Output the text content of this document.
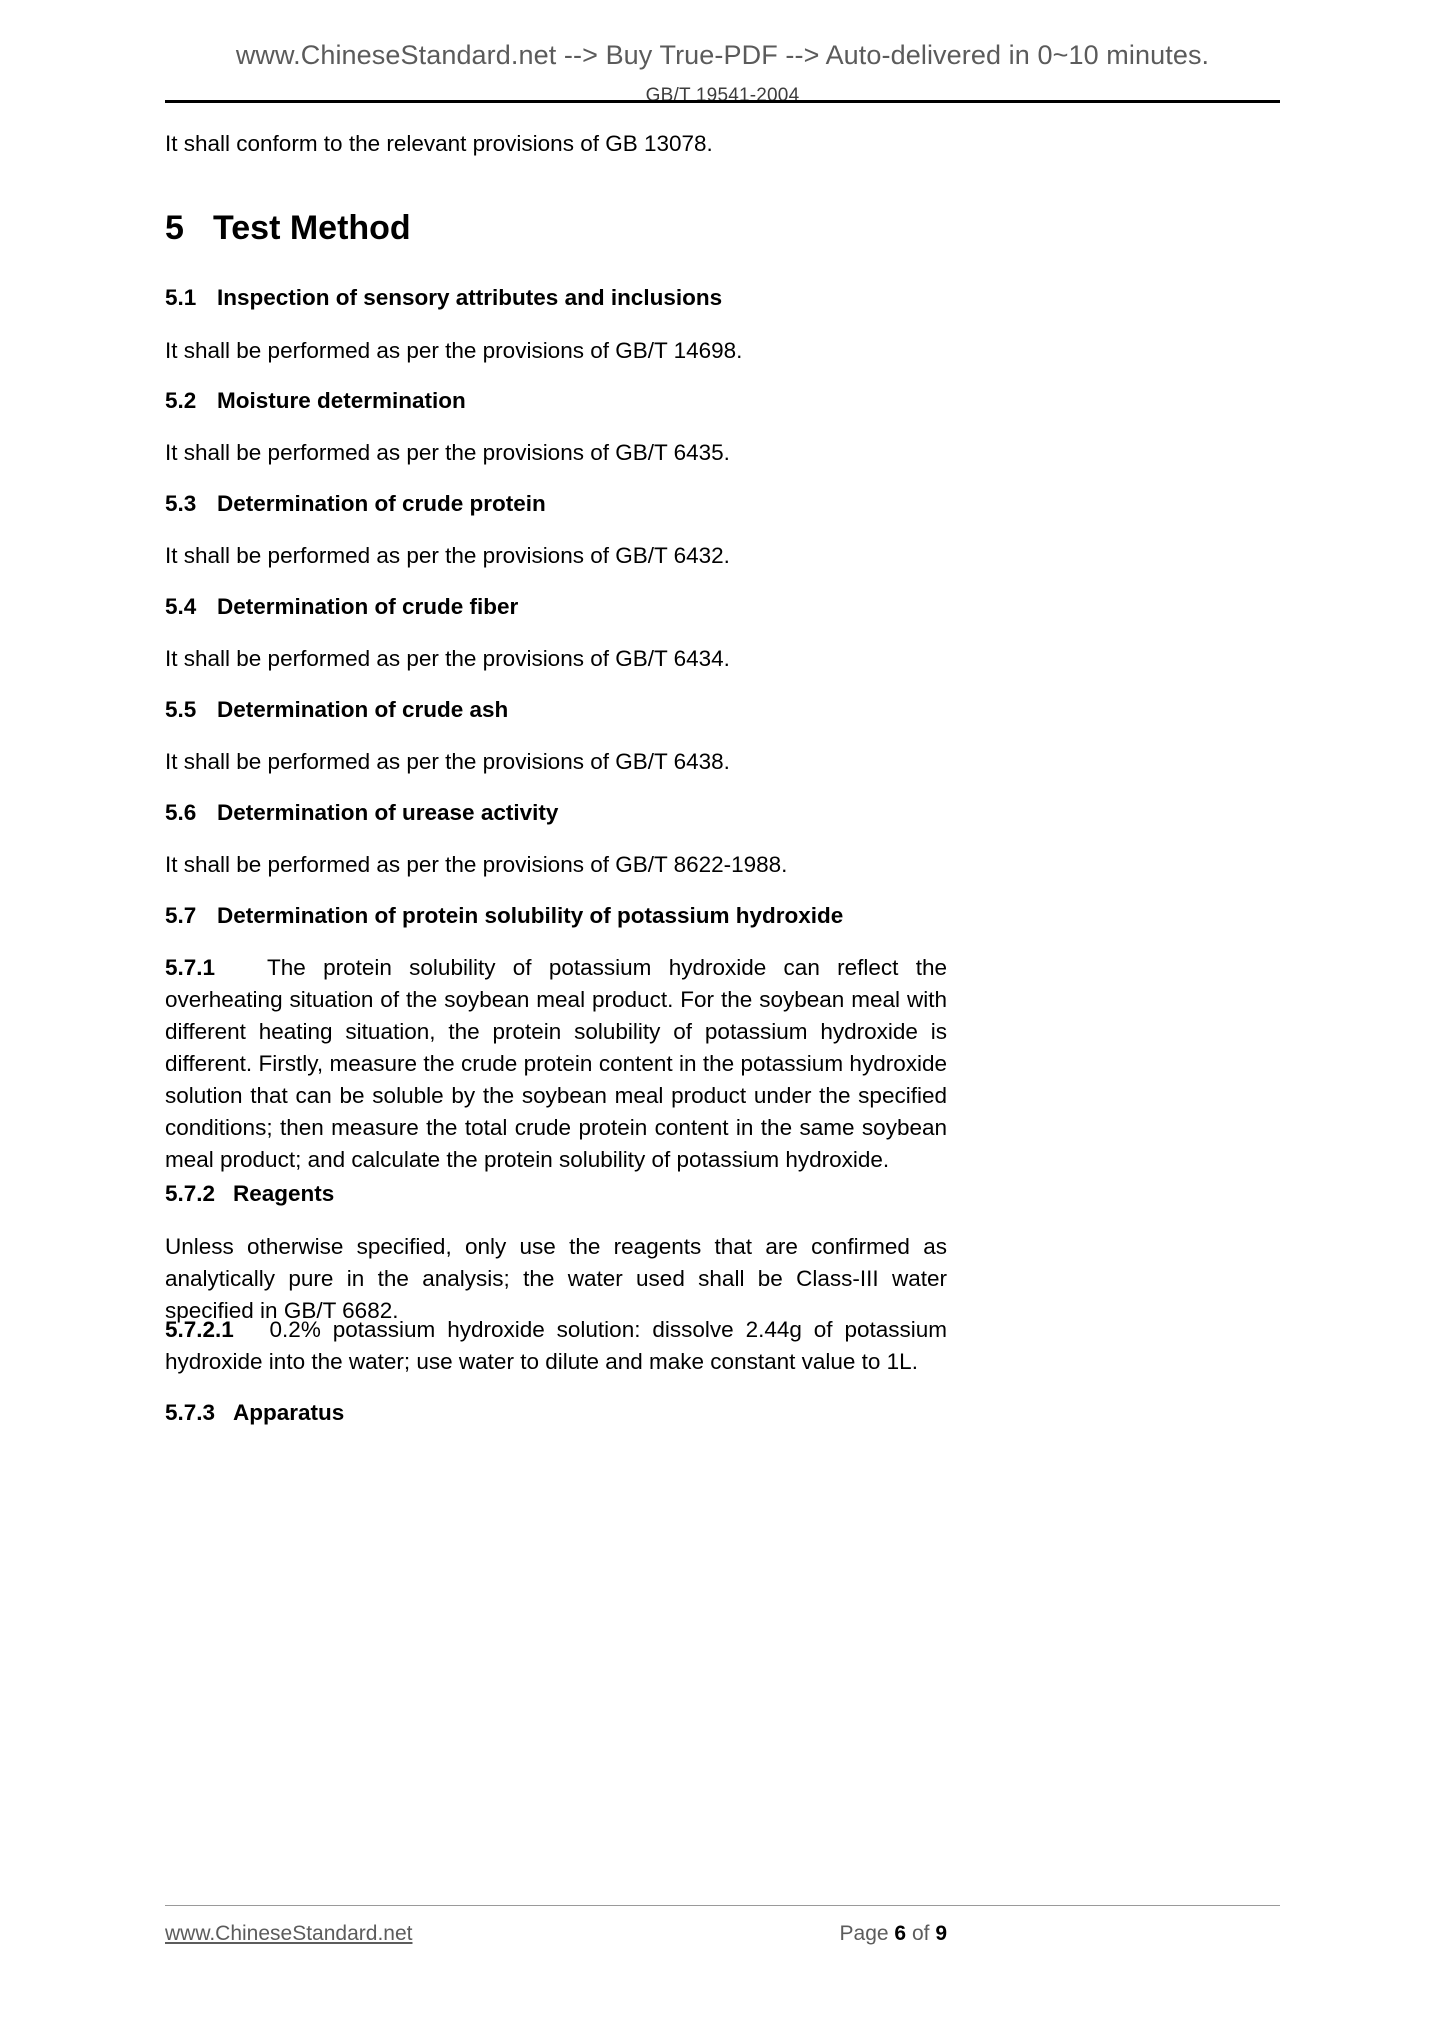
www.ChineseStandard.net --> Buy True-PDF --> Auto-delivered in 0~10 minutes.
GB/T 19541-2004

It shall conform to the relevant provisions of GB 13078.

5 Test Method
5.1 Inspection of sensory attributes and inclusions

It shall be performed as per the provisions of GB/T 14698.

5.2 Moisture determination

It shall be performed as per the provisions of GB/T 6435.

5.3 Determination of crude protein

It shall be performed as per the provisions of GB/T 6432.

5.4 Determination of crude fiber

It shall be performed as per the provisions of GB/T 6434.

5.5 Determination of crude ash

It shall be performed as per the provisions of GB/T 6438.

5.6 Determination of urease activity

It shall be performed as per the provisions of GB/T 8622-1988.

5.7 Determination of protein solubility of potassium hydroxide

5.7.1 The protein solubility of potassium hydroxide can reflect the overheating situation of the soybean meal product. For the soybean meal with different heating situation, the protein solubility of potassium hydroxide is different. Firstly, measure the crude protein content in the potassium hydroxide solution that can be soluble by the soybean meal product under the specified conditions; then measure the total crude protein content in the same soybean meal product; and calculate the protein solubility of potassium hydroxide.

5.7.2 Reagents

Unless otherwise specified, only use the reagents that are confirmed as analytically pure in the analysis; the water used shall be Class-III water specified in GB/T 6682.

5.7.2.1 0.2% potassium hydroxide solution: dissolve 2.44g of potassium hydroxide into the water; use water to dilute and make constant value to 1L.

5.7.3 Apparatus
www.ChineseStandard.net	Page 6 of 9
